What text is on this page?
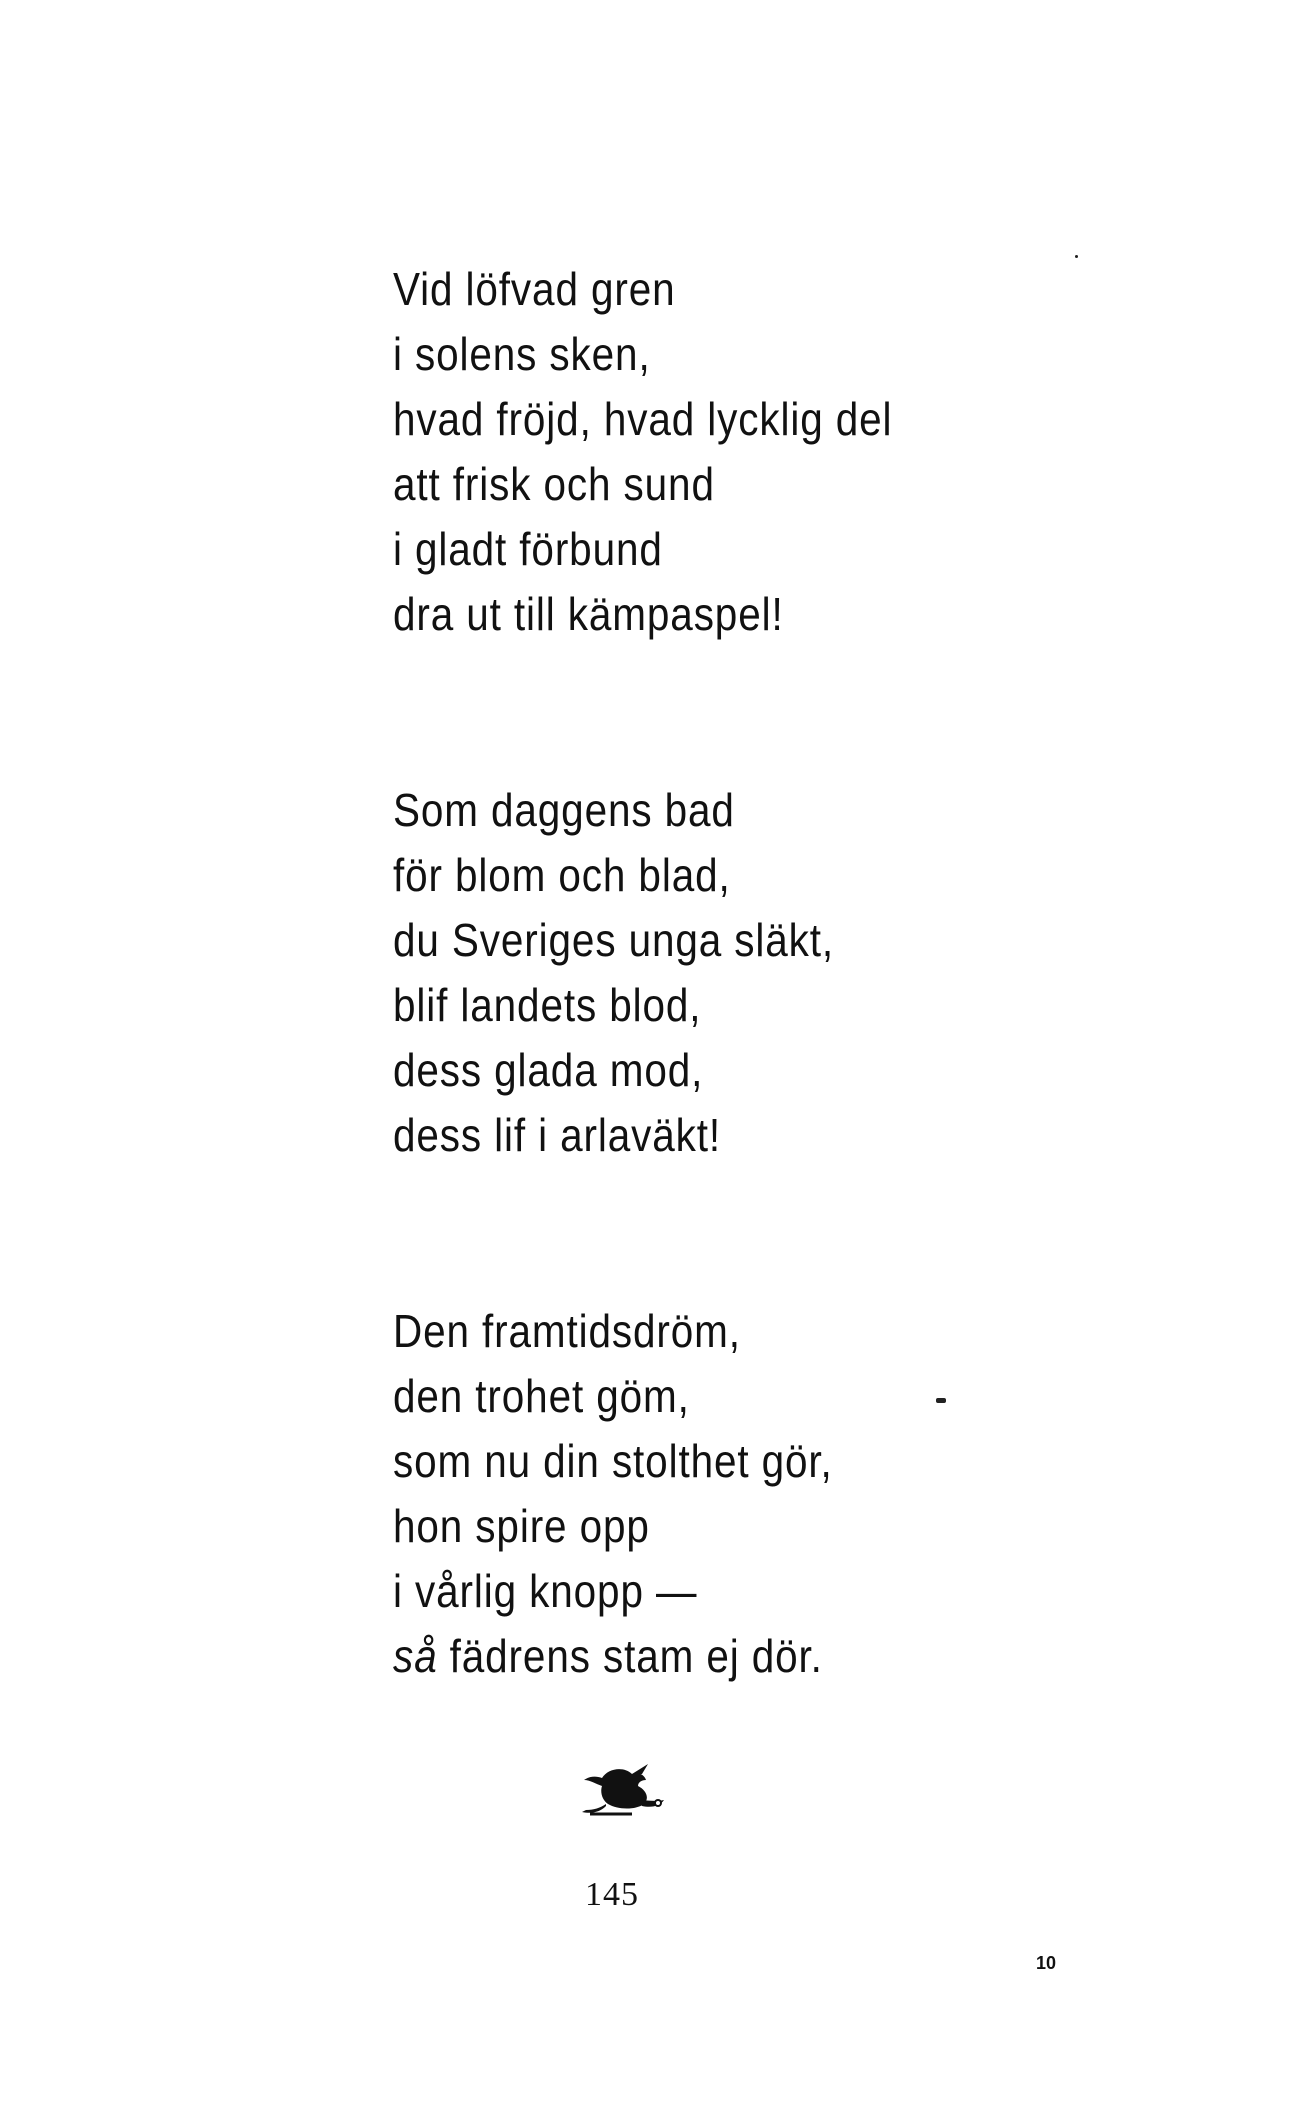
Vid löfvad gren
i solens sken,
hvad fröjd, hvad lycklig del
att frisk och sund
i gladt förbund
dra ut till kämpaspel!
Som daggens bad
för blom och blad,
du Sveriges unga släkt,
blif landets blod,
dess glada mod,
dess lif i arlaväkt!
Den framtidsdröm,
den trohet göm,
som nu din stolthet gör,
hon spire opp
i vårlig knopp —
så fädrens stam ej dör.
145
10
